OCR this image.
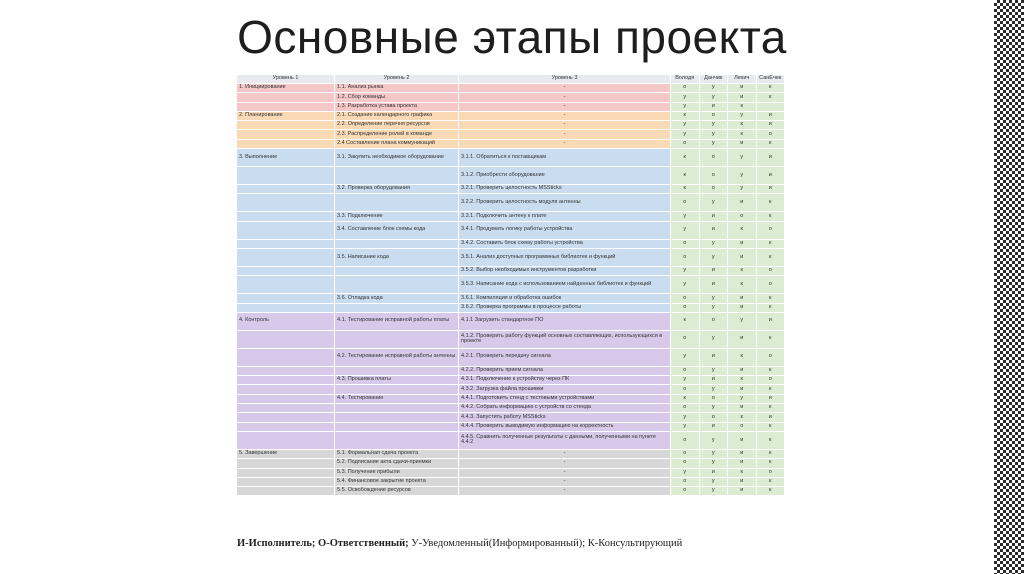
Основные этапы проекта
Уровень 1	Уровень 2	Уровень 3	Володя	Данчик	Лехич	СанЁчек
1. Инициирование	1.1. Анализ рынка	-	о	у	и	к
	1.2. Сбор команды	-	у	у	и	к
	1.3. Разработка устава проекта	-	у	и	к	
2. Планирование	2.1. Создание календарного графика	-	к	о	у	и
	2.2. Определение перечня ресурсов	-	у	у	к	и
	2.3. Распределение ролей в команде	-	у	у	к	о
	2.4 Составление плана коммуникаций	-	о	у	и	к
3. Выполнение	3.1. Закупить необходимое оборудование	3.1.1. Обратиться к поставщикам	к	о	у	и
		3.1.2. Приобрести оборудование	к	о	у	и
	3.2. Проверка оборудования	3.2.1. Проверить целостность MSSticks	к	о	у	и
		3.2.2. Проверить целостность модуля антенны	о	у	и	к
	3.3. Подключение	3.3.1. Подключить антену к плате	у	и	о	к
	3.4. Составление блок схемы кода	3.4.1. Продумать логику работы устройства	у	и	к	о
		3.4.2. Составить блок схему работы устройства	о	у	и	к
	3.5. Написание кода	3.5.1. Анализ доступных программных библиотек и функций	о	у	и	к
		3.5.2. Выбор необходимых инструментов разработки	у	и	к	о
		3.5.3. Написание кода с использованием найденных библиотек и функций	у	и	к	о
	3.6. Отладка кода	3.6.1. Компиляция и обработка ошибок	о	у	и	к
		3.6.2. Проверка программы в процессе работы	о	у	и	к
4. Контроль	4.1. Тестирование исправной работы платы	4.1.1 Загрузить стандартное ПО	к	о	у	и
		4.1.2. Проверить работу функций основных составляющих, использующихся в проекте	о	у	и	к
	4.2. Тестирование исправной работы антенны	4.2.1. Проверить передачу сигнала	у	и	к	о
		4.2.2. Проверить прием сигнала	о	у	и	к
	4.3. Прошивка платы	4.3.1. Подключение к устройству через ПК	у	и	к	о
		4.3.2. Загрузка файла прошивки	о	у	и	к
	4.4. Тестирование	4.4.1. Подготовить стенд с тестовыми устройствами	к	о	у	и
		4.4.2. Собрать информацию с устройств со стенда	о	у	и	к
		4.4.3. Запустить работу MSSticks	у	о	к	и
		4.4.4. Проверить выводимую информацию на корректность	у	и	о	к
		4.4.5. Сравнить полученные результаты с данными, полученными на пункте 4.4.2	о	у	и	к
5. Завершение	5.1. Формальная сдача проекта	-	о	у	и	к
	5.2. Подписание акта сдачи-приемки	-	о	у	и	к
	5.3. Получение прибыли	-	у	и	к	о
	5.4. Финансовое закрытие проекта	-	о	у	и	к
	5.5. Освобождение ресурсов	-	о	у	и	к
И-Исполнитель; О-Ответственный; У-Уведомленный(Информированный); К-Консультирующий
